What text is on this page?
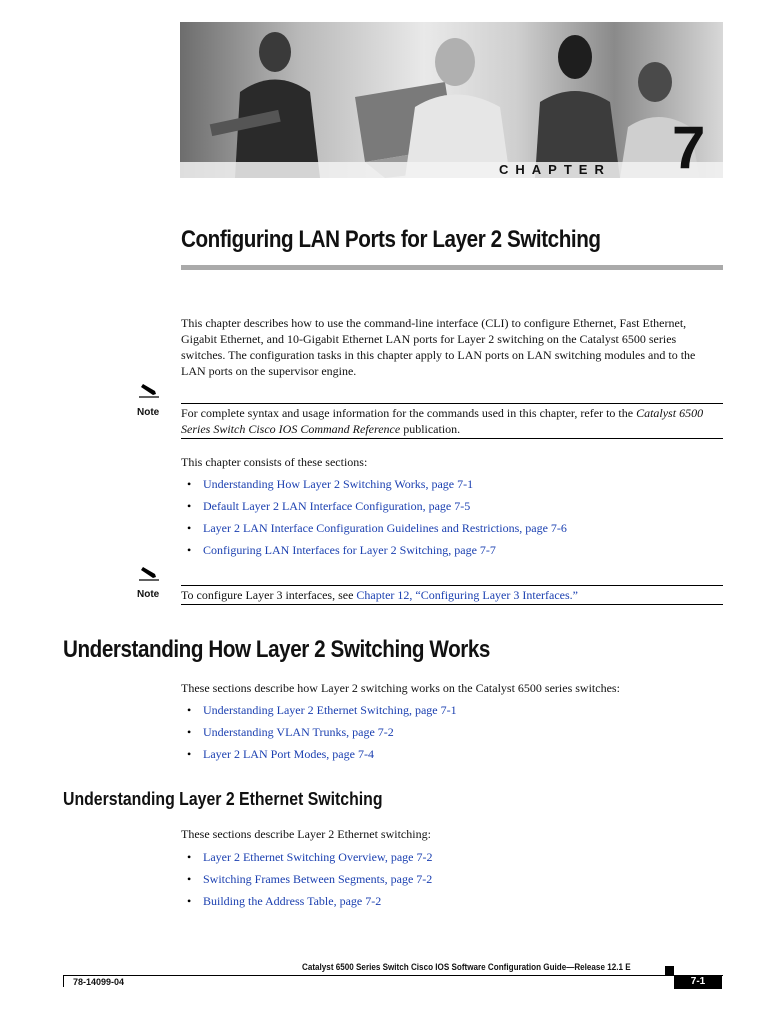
CHAPTER 7
Configuring LAN Ports for Layer 2 Switching

This chapter describes how to use the command-line interface (CLI) to configure Ethernet, Fast Ethernet, Gigabit Ethernet, and 10-Gigabit Ethernet LAN ports for Layer 2 switching on the Catalyst 6500 series switches. The configuration tasks in this chapter apply to LAN ports on LAN switching modules and to the LAN ports on the supervisor engine.

Note For complete syntax and usage information for the commands used in this chapter, refer to the Catalyst 6500 Series Switch Cisco IOS Command Reference publication.

This chapter consists of these sections:

• Understanding How Layer 2 Switching Works, page 7-1
• Default Layer 2 LAN Interface Configuration, page 7-5
• Layer 2 LAN Interface Configuration Guidelines and Restrictions, page 7-6
• Configuring LAN Interfaces for Layer 2 Switching, page 7-7
Note To configure Layer 3 interfaces, see Chapter 12, “Configuring Layer 3 Interfaces.”

Understanding How Layer 2 Switching Works

These sections describe how Layer 2 switching works on the Catalyst 6500 series switches:

• Understanding Layer 2 Ethernet Switching, page 7-1
• Understanding VLAN Trunks, page 7-2
• Layer 2 LAN Port Modes, page 7-4
Understanding Layer 2 Ethernet Switching

These sections describe Layer 2 Ethernet switching:

• Layer 2 Ethernet Switching Overview, page 7-2
• Switching Frames Between Segments, page 7-2
• Building the Address Table, page 7-2
Catalyst 6500 Series Switch Cisco IOS Software Configuration Guide—Release 12.1 E
78-14099-04	7-1
